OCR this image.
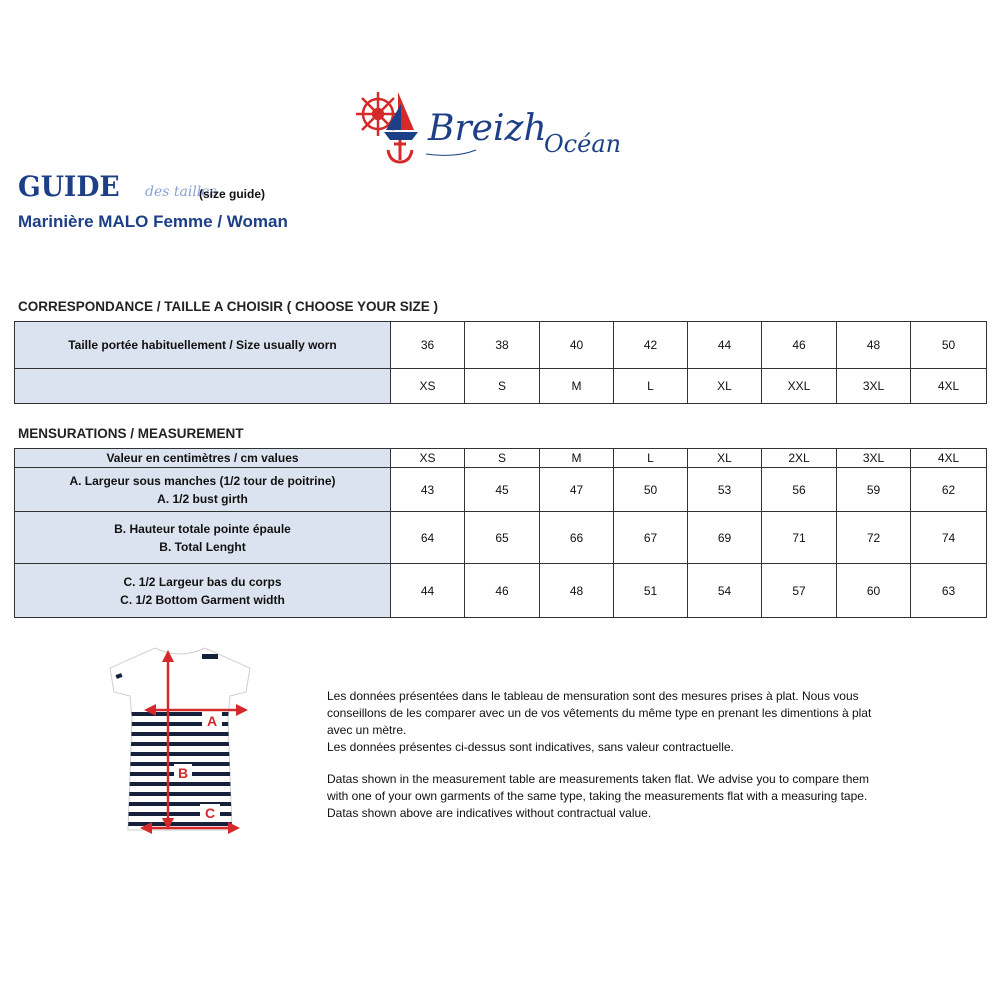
Breizh
Océan
GUIDE des tailles
(size guide)
Marinière MALO Femme / Woman
CORRESPONDANCE / TAILLE A CHOISIR ( CHOOSE YOUR SIZE )
Taille portée habituellement / Size usually worn	36	38	40	42	44	46	48	50
	XS	S	M	L	XL	XXL	3XL	4XL
MENSURATIONS / MEASUREMENT
Valeur en centimètres / cm values	XS	S	M	L	XL	2XL	3XL	4XL

A. Largeur sous manches (1/2 tour de poitrine)
A. 1/2 bust girth	43	45	47	50	53	56	59	62

B. Hauteur totale pointe épaule
B. Total Lenght	64	65	66	67	69	71	72	74

C. 1/2 Largeur bas du corps
C. 1/2 Bottom Garment width	44	46	48	51	54	57	60	63
A
B
C
Les données présentées dans le tableau de mensuration sont des mesures prises à plat. Nous vous
conseillons de les comparer avec un de vos vêtements du même type en prenant les dimentions à plat
avec un mètre.
Les données présentes ci-dessus sont indicatives, sans valeur contractuelle.
Datas shown in the measurement table are measurements taken flat. We advise you to compare them
with one of your own garments of the same type, taking the measurements flat with a measuring tape.
Datas shown above are indicatives without contractual value.
